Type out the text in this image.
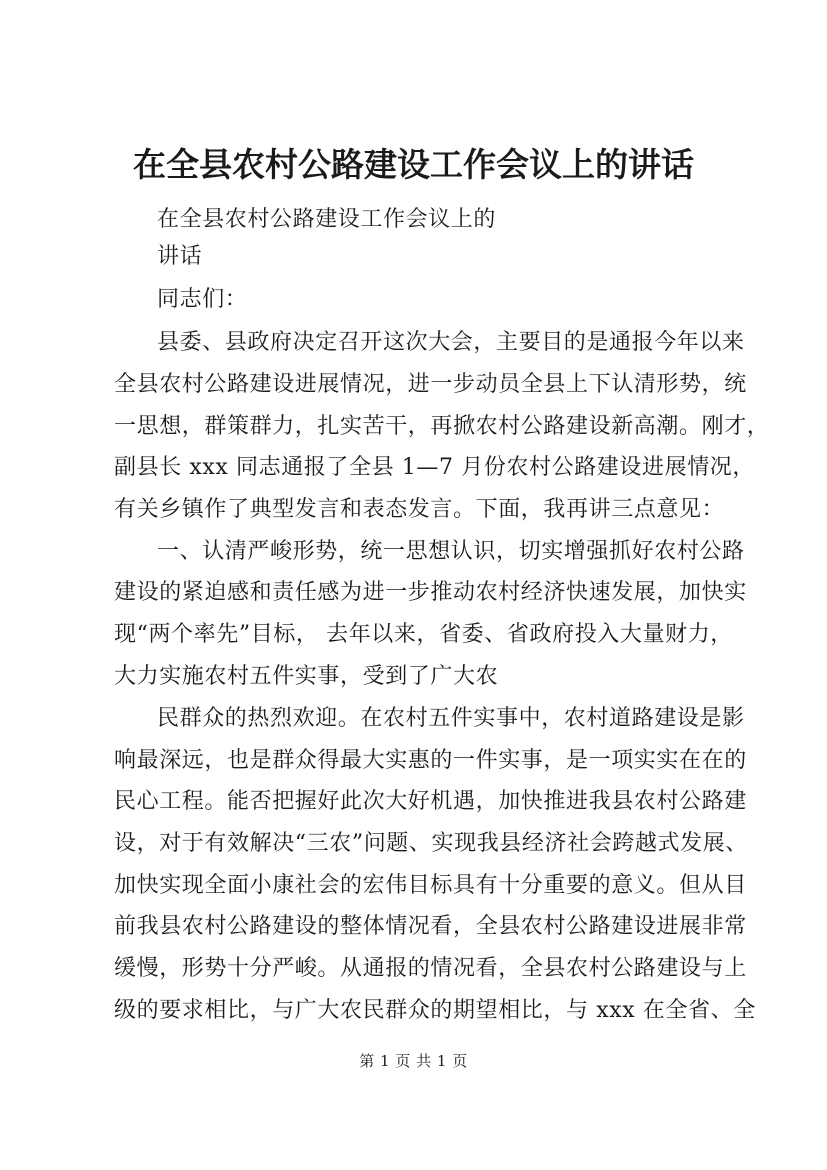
在全县农村公路建设工作会议上的讲话

在全县农村公路建设工作会议上的

讲话

同志们：

县委、县政府决定召开这次大会，主要目的是通报今年以来

全县农村公路建设进展情况，进一步动员全县上下认清形势，统

一思想，群策群力，扎实苦干，再掀农村公路建设新高潮。刚才，

副县长 xxx 同志通报了全县 1—7 月份农村公路建设进展情况，

有关乡镇作了典型发言和表态发言。下面，我再讲三点意见：

一、认清严峻形势，统一思想认识，切实增强抓好农村公路

建设的紧迫感和责任感为进一步推动农村经济快速发展，加快实

现“两个率先”目标， 去年以来，省委、省政府投入大量财力，

大力实施农村五件实事，受到了广大农

民群众的热烈欢迎。在农村五件实事中，农村道路建设是影

响最深远，也是群众得最大实惠的一件实事，是一项实实在在的

民心工程。能否把握好此次大好机遇，加快推进我县农村公路建

设，对于有效解决“三农”问题、实现我县经济社会跨越式发展、

加快实现全面小康社会的宏伟目标具有十分重要的意义。但从目

前我县农村公路建设的整体情况看，全县农村公路建设进展非常

缓慢，形势十分严峻。从通报的情况看，全县农村公路建设与上

级的要求相比，与广大农民群众的期望相比，与 xxx 在全省、全

第 1 页 共 1 页
